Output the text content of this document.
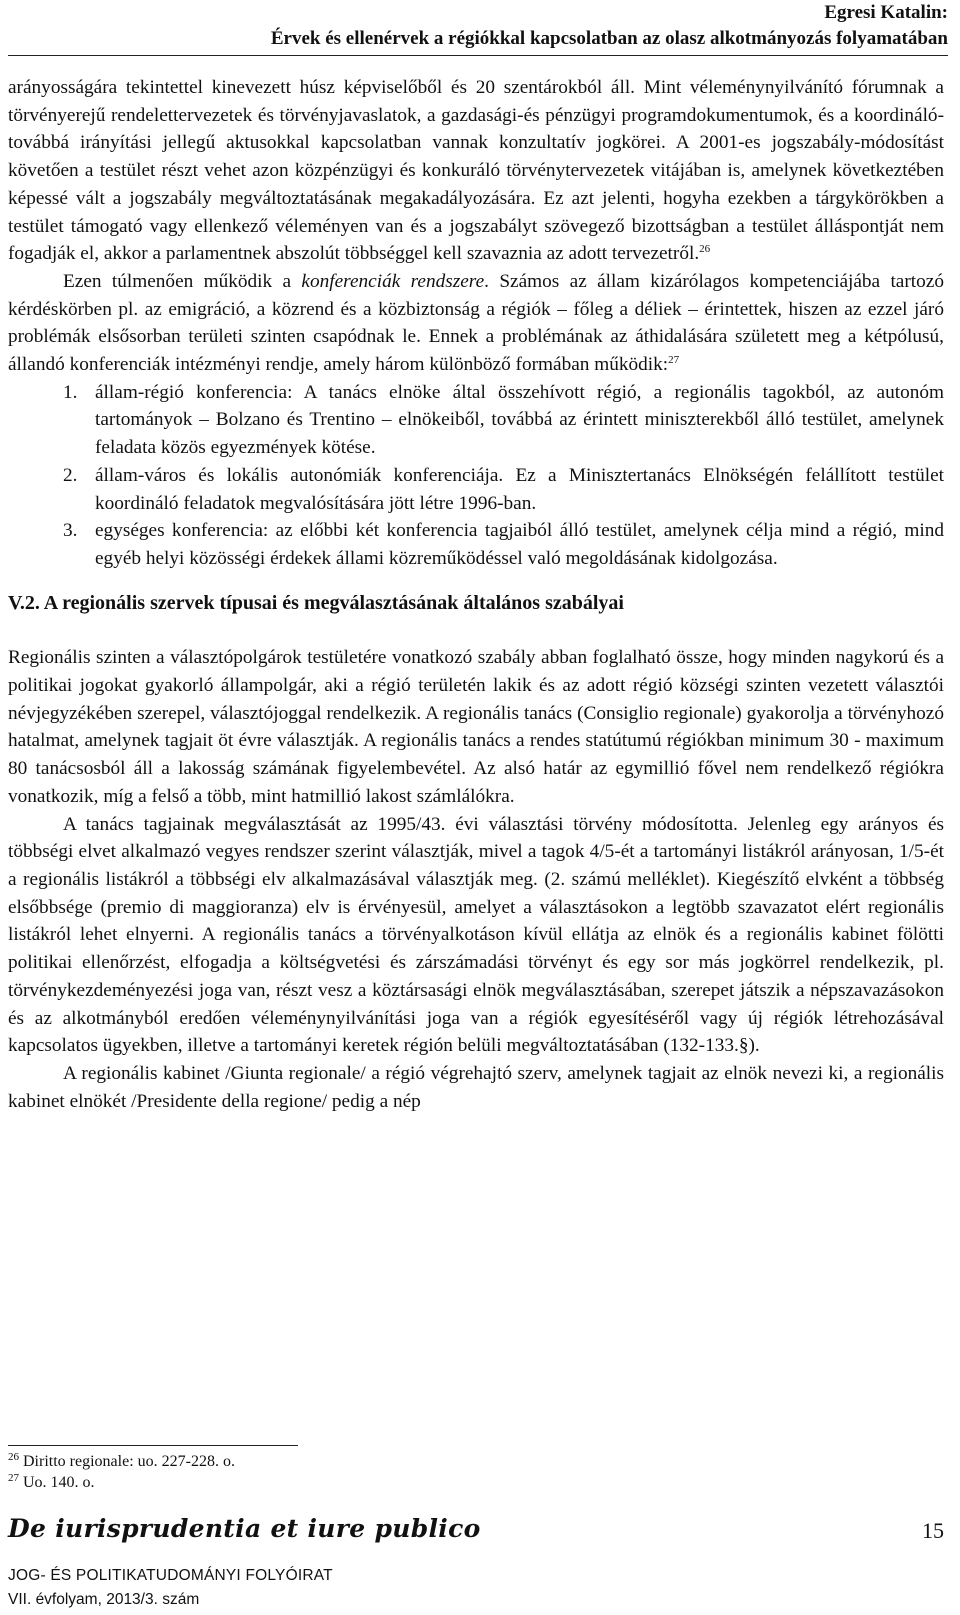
Egresi Katalin:
Érvek és ellenérvek a régiókkal kapcsolatban az olasz alkotmányozás folyamatában

arányosságára tekintettel kinevezett húsz képviselőből és 20 szentárokból áll. Mint véleménynyilvánító fórumnak a törvényerejű rendelettervezetek és törvényjavaslatok, a gazdasági-és pénzügyi programdokumentumok, és a koordináló- továbbá irányítási jellegű aktusokkal kapcsolatban vannak konzultatív jogkörei. A 2001-es jogszabály-módosítást követően a testület részt vehet azon közpénzügyi és konkuráló törvénytervezetek vitájában is, amelynek következtében képessé vált a jogszabály megváltoztatásának megakadályozására. Ez azt jelenti, hogyha ezekben a tárgykörökben a testület támogató vagy ellenkező véleményen van és a jogszabályt szövegező bizottságban a testület álláspontját nem fogadják el, akkor a parlamentnek abszolút többséggel kell szavaznia az adott tervezetről.$^{26}$

Ezen túlmenően működik a konferenciák rendszere. Számos az állam kizárólagos kompetenciájába tartozó kérdéskörben pl. az emigráció, a közrend és a közbiztonság a régiók – főleg a déliek – érintettek, hiszen az ezzel járó problémák elsősorban területi szinten csapódnak le. Ennek a problémának az áthidalására született meg a kétpólusú, állandó konferenciák intézményi rendje, amely három különböző formában működik:$^{27}$

1. állam-régió konferencia: A tanács elnöke által összehívott régió, a regionális tagokból, az autonóm tartományok – Bolzano és Trentino – elnökeiből, továbbá az érintett miniszterekből álló testület, amelynek feladata közös egyezmények kötése.
2. állam-város és lokális autonómiák konferenciája. Ez a Minisztertanács Elnökségén felállított testület koordináló feladatok megvalósítására jött létre 1996-ban.
3. egységes konferencia: az előbbi két konferencia tagjaiból álló testület, amelynek célja mind a régió, mind egyéb helyi közösségi érdekek állami közreműködéssel való megoldásának kidolgozása.

V.2. A regionális szervek típusai és megválasztásának általános szabályai

Regionális szinten a választópolgárok testületére vonatkozó szabály abban foglalható össze, hogy minden nagykorú és a politikai jogokat gyakorló állampolgár, aki a régió területén lakik és az adott régió községi szinten vezetett választói névjegyzékében szerepel, választójoggal rendelkezik. A regionális tanács (Consiglio regionale) gyakorolja a törvényhozó hatalmat, amelynek tagjait öt évre választják. A regionális tanács a rendes statútumú régiókban minimum 30 - maximum 80 tanácsosból áll a lakosság számának figyelembevétel. Az alsó határ az egymillió fővel nem rendelkező régiókra vonatkozik, míg a felső a több, mint hatmillió lakost számlálókra.

A tanács tagjainak megválasztását az 1995/43. évi választási törvény módosította. Jelenleg egy arányos és többségi elvet alkalmazó vegyes rendszer szerint választják, mivel a tagok 4/5-ét a tartományi listákról arányosan, 1/5-ét a regionális listákról a többségi elv alkalmazásával választják meg. (2. számú melléklet). Kiegészítő elvként a többség elsőbbsége (premio di maggioranza) elv is érvényesül, amelyet a választásokon a legtöbb szavazatot elért regionális listákról lehet elnyerni. A regionális tanács a törvényalkotáson kívül ellátja az elnök és a regionális kabinet fölötti politikai ellenőrzést, elfogadja a költségvetési és zárszámadási törvényt és egy sor más jogkörrel rendelkezik, pl. törvénykezdeményezési joga van, részt vesz a köztársasági elnök megválasztásában, szerepet játszik a népszavazásokon és az alkotmányból eredően véleménynyilvánítási joga van a régiók egyesítéséről vagy új régiók létrehozásával kapcsolatos ügyekben, illetve a tartományi keretek régión belüli megváltoztatásában (132-133.§).

A regionális kabinet /Giunta regionale/ a régió végrehajtó szerv, amelynek tagjait az elnök nevezi ki, a regionális kabinet elnökét /Presidente della regione/ pedig a nép

$^{26}$ Diritto regionale: uo. 227-228. o.
$^{27}$ Uo. 140. o.
De iurisprudentia et iure publico	15
JOG- ÉS POLITIKATUDOMÁNYI FOLYÓIRAT
VII. évfolyam, 2013/3. szám
